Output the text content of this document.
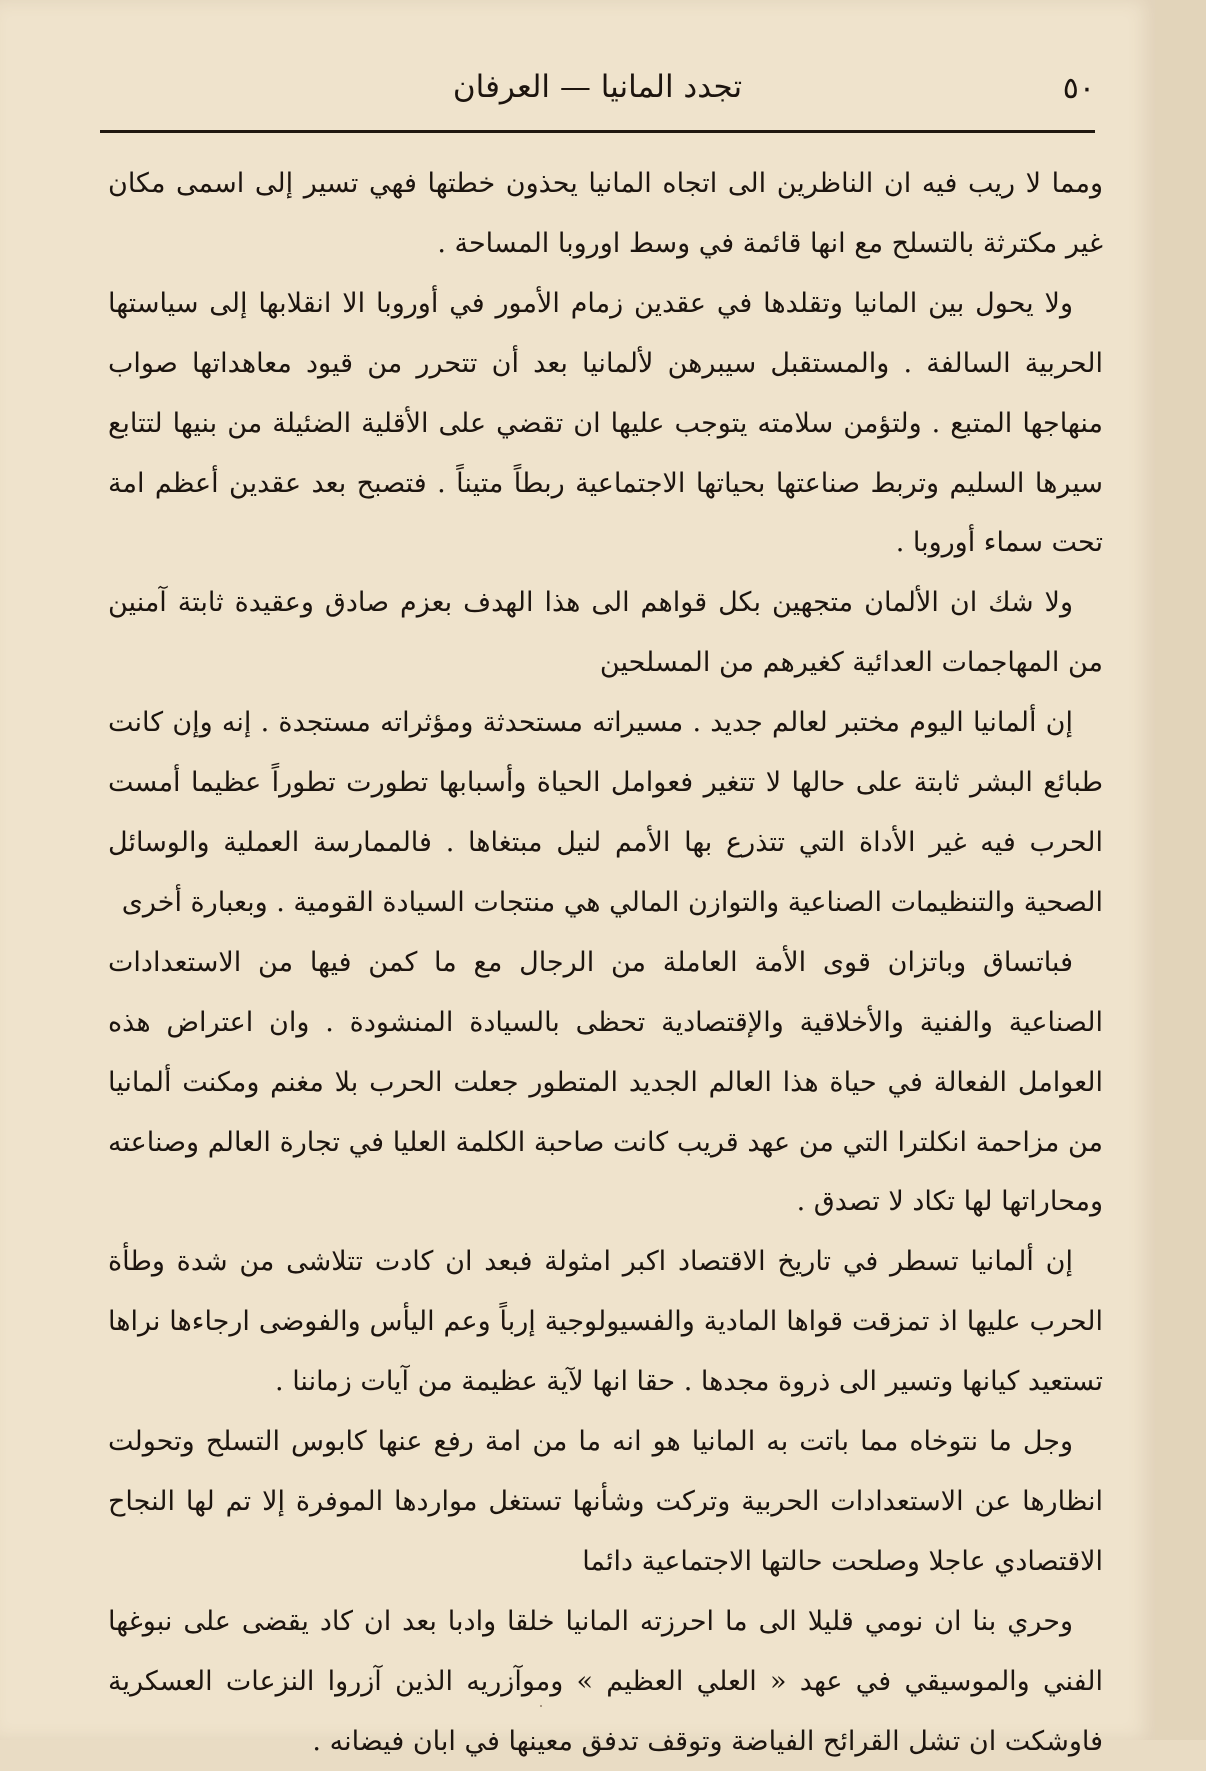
٥٠
تجدد المانيا — العرفان

ومما لا ريب فيه ان الناظرين الى اتجاه المانيا يحذون خطتها فهي تسير إلى اسمى مكان غير مكترثة بالتسلح مع انها قائمة في وسط اوروبا المساحة .

ولا يحول بين المانيا وتقلدها في عقدين زمام الأمور في أوروبا الا انقلابها إلى سياستها الحربية السالفة . والمستقبل سيبرهن لألمانيا بعد أن تتحرر من قيود معاهداتها صواب منهاجها المتبع . ولتؤمن سلامته يتوجب عليها ان تقضي على الأقلية الضئيلة من بنيها لتتابع سيرها السليم وتربط صناعتها بحياتها الاجتماعية ربطاً متيناً . فتصبح بعد عقدين أعظم امة تحت سماء أوروبا .

ولا شك ان الألمان متجهين بكل قواهم الى هذا الهدف بعزم صادق وعقيدة ثابتة آمنين من المهاجمات العدائية كغيرهم من المسلحين

إن ألمانيا اليوم مختبر لعالم جديد . مسيراته مستحدثة ومؤثراته مستجدة . إنه وإن كانت طبائع البشر ثابتة على حالها لا تتغير فعوامل الحياة وأسبابها تطورت تطوراً عظيما أمست الحرب فيه غير الأداة التي تتذرع بها الأمم لنيل مبتغاها . فالممارسة العملية والوسائل الصحية والتنظيمات الصناعية والتوازن المالي هي منتجات السيادة القومية . وبعبارة أخرى

فباتساق وباتزان قوى الأمة العاملة من الرجال مع ما كمن فيها من الاستعدادات الصناعية والفنية والأخلاقية والإقتصادية تحظى بالسيادة المنشودة . وان اعتراض هذه العوامل الفعالة في حياة هذا العالم الجديد المتطور جعلت الحرب بلا مغنم ومكنت ألمانيا من مزاحمة انكلترا التي من عهد قريب كانت صاحبة الكلمة العليا في تجارة العالم وصناعته ومحاراتها لها تكاد لا تصدق .

إن ألمانيا تسطر في تاريخ الاقتصاد اكبر امثولة فبعد ان كادت تتلاشى من شدة وطأة الحرب عليها اذ تمزقت قواها المادية والفسيولوجية إرباً وعم اليأس والفوضى ارجاءها نراها تستعيد كيانها وتسير الى ذروة مجدها . حقا انها لآية عظيمة من آيات زماننا .

وجل ما نتوخاه مما باتت به المانيا هو انه ما من امة رفع عنها كابوس التسلح وتحولت انظارها عن الاستعدادات الحربية وتركت وشأنها تستغل مواردها الموفرة إلا تم لها النجاح الاقتصادي عاجلا وصلحت حالتها الاجتماعية دائما

وحري بنا ان نومي قليلا الى ما احرزته المانيا خلقا وادبا بعد ان كاد يقضى على نبوغها الفني والموسيقي في عهد « العلي العظيم » وموآزريه الذين آزروا النزعات العسكرية فاوشكت ان تشل القرائح الفياضة وتوقف تدفق معينها في ابان فيضانه .
